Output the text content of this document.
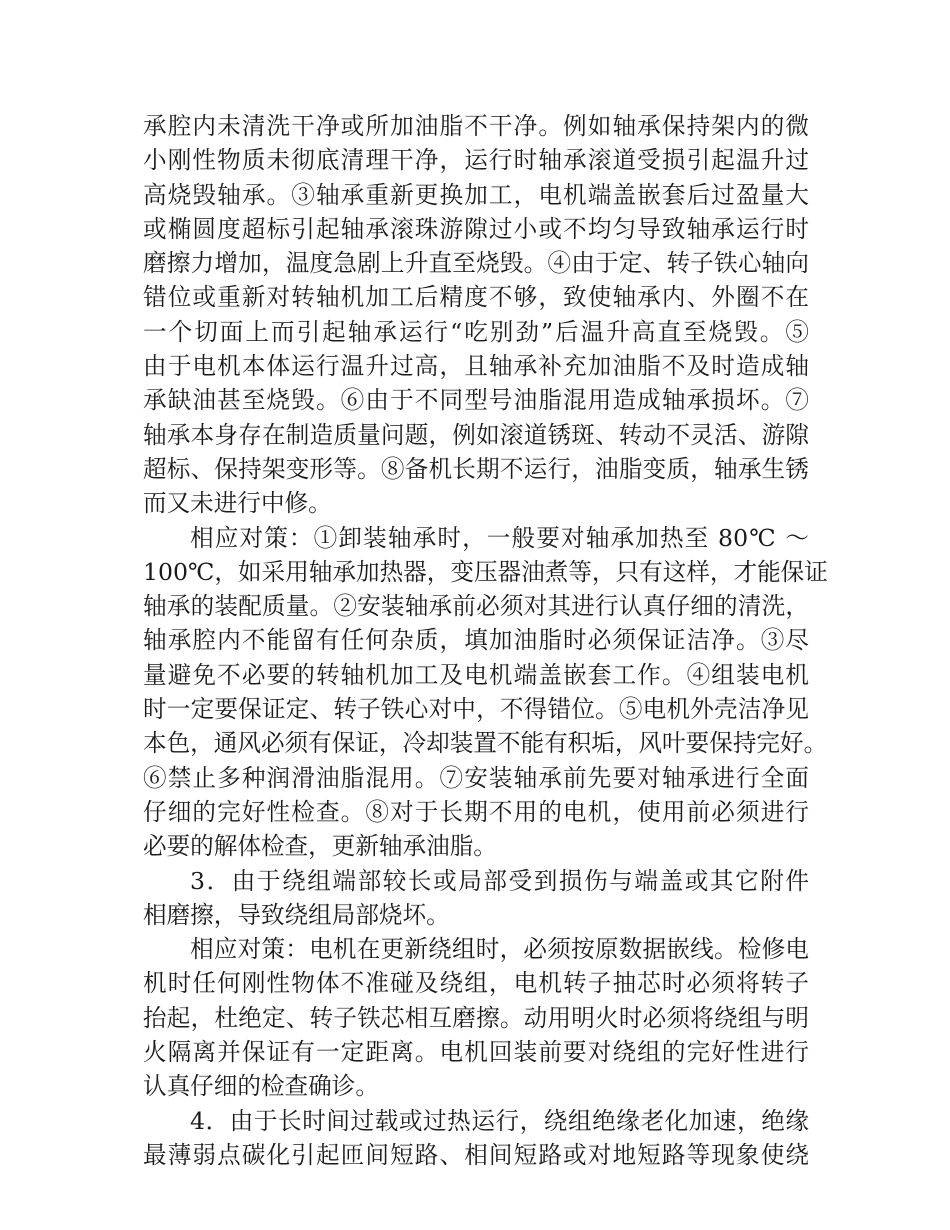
承腔内未清洗干净或所加油脂不干净。例如轴承保持架内的微
小刚性物质未彻底清理干净，运行时轴承滚道受损引起温升过
高烧毁轴承。③轴承重新更换加工，电机端盖嵌套后过盈量大
或椭圆度超标引起轴承滚珠游隙过小或不均匀导致轴承运行时
磨擦力增加，温度急剧上升直至烧毁。④由于定、转子铁心轴向
错位或重新对转轴机加工后精度不够，致使轴承内、外圈不在
一个切面上而引起轴承运行“吃别劲”后温升高直至烧毁。⑤
由于电机本体运行温升过高，且轴承补充加油脂不及时造成轴
承缺油甚至烧毁。⑥由于不同型号油脂混用造成轴承损坏。⑦
轴承本身存在制造质量问题，例如滚道锈斑、转动不灵活、游隙
超标、保持架变形等。⑧备机长期不运行，油脂变质，轴承生锈
而又未进行中修。
相应对策：①卸装轴承时，一般要对轴承加热至 80℃ ～
100℃，如采用轴承加热器，变压器油煮等，只有这样，才能保证
轴承的装配质量。②安装轴承前必须对其进行认真仔细的清洗，
轴承腔内不能留有任何杂质，填加油脂时必须保证洁净。③尽
量避免不必要的转轴机加工及电机端盖嵌套工作。④组装电机
时一定要保证定、转子铁心对中，不得错位。⑤电机外壳洁净见
本色，通风必须有保证，冷却装置不能有积垢，风叶要保持完好。
⑥禁止多种润滑油脂混用。⑦安装轴承前先要对轴承进行全面
仔细的完好性检查。⑧对于长期不用的电机，使用前必须进行
必要的解体检查，更新轴承油脂。
3．由于绕组端部较长或局部受到损伤与端盖或其它附件
相磨擦，导致绕组局部烧坏。
相应对策：电机在更新绕组时，必须按原数据嵌线。检修电
机时任何刚性物体不准碰及绕组，电机转子抽芯时必须将转子
抬起，杜绝定、转子铁芯相互磨擦。动用明火时必须将绕组与明
火隔离并保证有一定距离。电机回装前要对绕组的完好性进行
认真仔细的检查确诊。
4．由于长时间过载或过热运行，绕组绝缘老化加速，绝缘
最薄弱点碳化引起匝间短路、相间短路或对地短路等现象使绕
